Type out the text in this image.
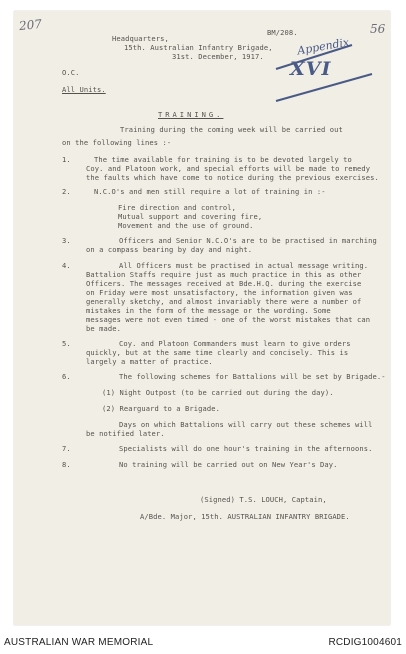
207	56
Appendix
XVI
BM/208.
Headquarters,
15th. Australian Infantry Brigade,
31st. December, 1917.
O.C.
All Units.
TRAINING.
Training during the coming week will be carried out
on the following lines :-
1.	The time available for training is to be devoted largely to
Coy. and Platoon work, and special efforts will be made to remedy
the faults which have come to notice during the previous exercises.
2.	N.C.O's and men still require a lot of training in :-
Fire direction and control,
Mutual support and covering fire,
Movement and the use of ground.
3.	Officers and Senior N.C.O's are to be practised in marching
on a compass bearing by day and night.
4.	All Officers must be practised in actual message writing.
Battalion Staffs require just as much practice in this as other
Officers. The messages received at Bde.H.Q. during the exercise
on Friday were most unsatisfactory, the information given was
generally sketchy, and almost invariably there were a number of
mistakes in the form of the message or the wording. Some
messages were not even timed - one of the worst mistakes that can
be made.
5.	Coy. and Platoon Commanders must learn to give orders
quickly, but at the same time clearly and concisely. This is
largely a matter of practice.
6.	The following schemes for Battalions will be set by Brigade.-
(1) Night Outpost (to be carried out during the day).
(2) Rearguard to a Brigade.
Days on which Battalions will carry out these schemes will
be notified later.
7.	Specialists will do one hour's training in the afternoons.
8.	No training will be carried out on New Year's Day.
(Signed) T.S. LOUCH, Captain,
A/Bde. Major, 15th. AUSTRALIAN INFANTRY BRIGADE.
AUSTRALIAN WAR MEMORIAL	RCDIG1004601
